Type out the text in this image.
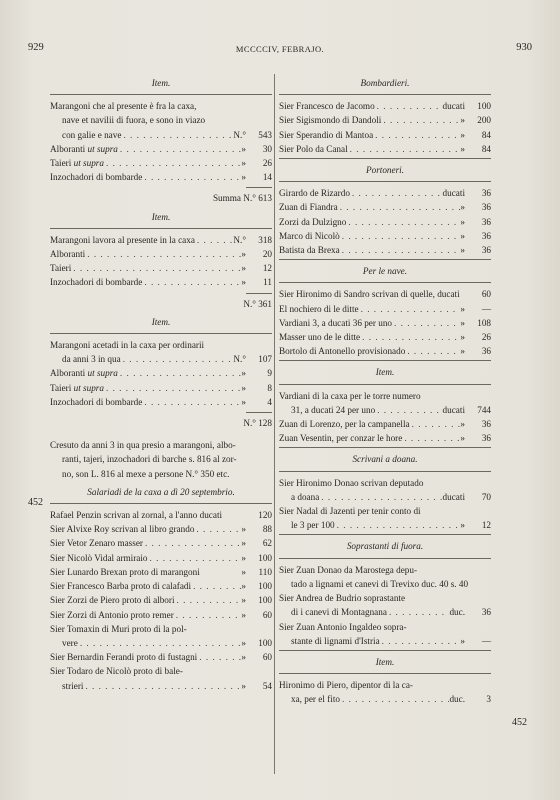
929	MCCCCIV, FEBRAJO.	930
452
452
Item.
Marangoni che al presente è fra la caxa,
nave et navilii di fuora, e sono in viazo
con galie e nave . . .	N.°	543
Alboranti ut supra . . .	»	30
Taieri ut supra . . .	»	26
Inzochadori di bombarde . . .	»	14
Summa N.° 613
Item.
Marangoni lavora al presente in la caxa . . .	N.°	318
Alboranti . . .	»	20
Taieri . . .	»	12
Inzochadori di bombarde . . .	»	11
N.° 361
Item.
Marangoni acetadi in la caxa per ordinarii
da anni 3 in qua . . .	N.°	107
Alboranti ut supra . . .	»	9
Taieri ut supra . . .	»	8
Inzochadori di bombarde . . .	»	4
N.° 128
Cresuto da anni 3 in qua presio a marangoni, albo-
ranti, tajeri, inzochadori di barche s. 816 al zor-
no, son L. 816 al mexe a persone N.° 350 etc.
Salariadi de la caxa a dì 20 septembrio.
Rafael Penzin scrivan al zornal, a l'anno ducati	120
Sier Alvixe Roy scrivan al libro grando . . .	»	88
Sier Vetor Zenaro masser . . .	»	62
Sier Nicolò Vidal armiraio . . .	»	100
Sier Lunardo Brexan proto di marangoni	»	110
Sier Francesco Barba proto di calafadi . . .	»	100
Sier Zorzi de Piero proto di albori . . .	»	100
Sier Zorzi di Antonio proto remer . . .	»	60
Sier Tomaxin di Muri proto di la pol-
vere . . .	»	100
Sier Bernardin Ferandi proto di fustagni . . .	»	60
Sier Todaro de Nicolò proto di bale-
strieri . . .	»	54
Bombardieri.
Sier Francesco de Jacomo . . .	ducati	100
Sier Sigismondo di Dandoli . . .	»	200
Sier Sperandio di Mantoa . . .	»	84
Sier Polo da Canal . . .	»	84
Portoneri.
Girardo de Rizardo . . .	ducati	36
Zuan di Fiandra . . .	»	36
Zorzi da Dulzigno . . .	»	36
Marco di Nicolò . . .	»	36
Batista da Brexa . . .	»	36
Per le nave.
Sier Hironimo di Sandro scrivan di quelle, ducati	60
El nochiero di le ditte . . .	»	—
Vardiani 3, a ducati 36 per uno . . .	»	108
Masser uno de le ditte . . .	»	26
Bortolo di Antonello provisionado . . .	»	36
Item.
Vardiani di la caxa per le torre numero
31, a ducati 24 per uno . . .	ducati	744
Zuan di Lorenzo, per la campanella . . .	»	36
Zuan Vesentin, per conzar le hore . . .	»	36
Scrivani a doana.
Sier Hironimo Donao scrivan deputado
a doana . . .	ducati	70
Sier Nadal di Jazenti per tenir conto di
le 3 per 100 . . .	»	12
Soprastanti di fuora.
Sier Zuan Donao da Marostega depu-
tado a lignami et canevi di Trevixo duc. 40 s. 40
Sier Andrea de Budrio soprastante
di i canevi di Montagnana . . .	duc.	36
Sier Zuan Antonio Ingaldeo sopra-
stante di lignami d'Istria . . .	»	—
Item.
Hironimo di Piero, dipentor di la ca-
xa, per el fito . . .	duc.	3
